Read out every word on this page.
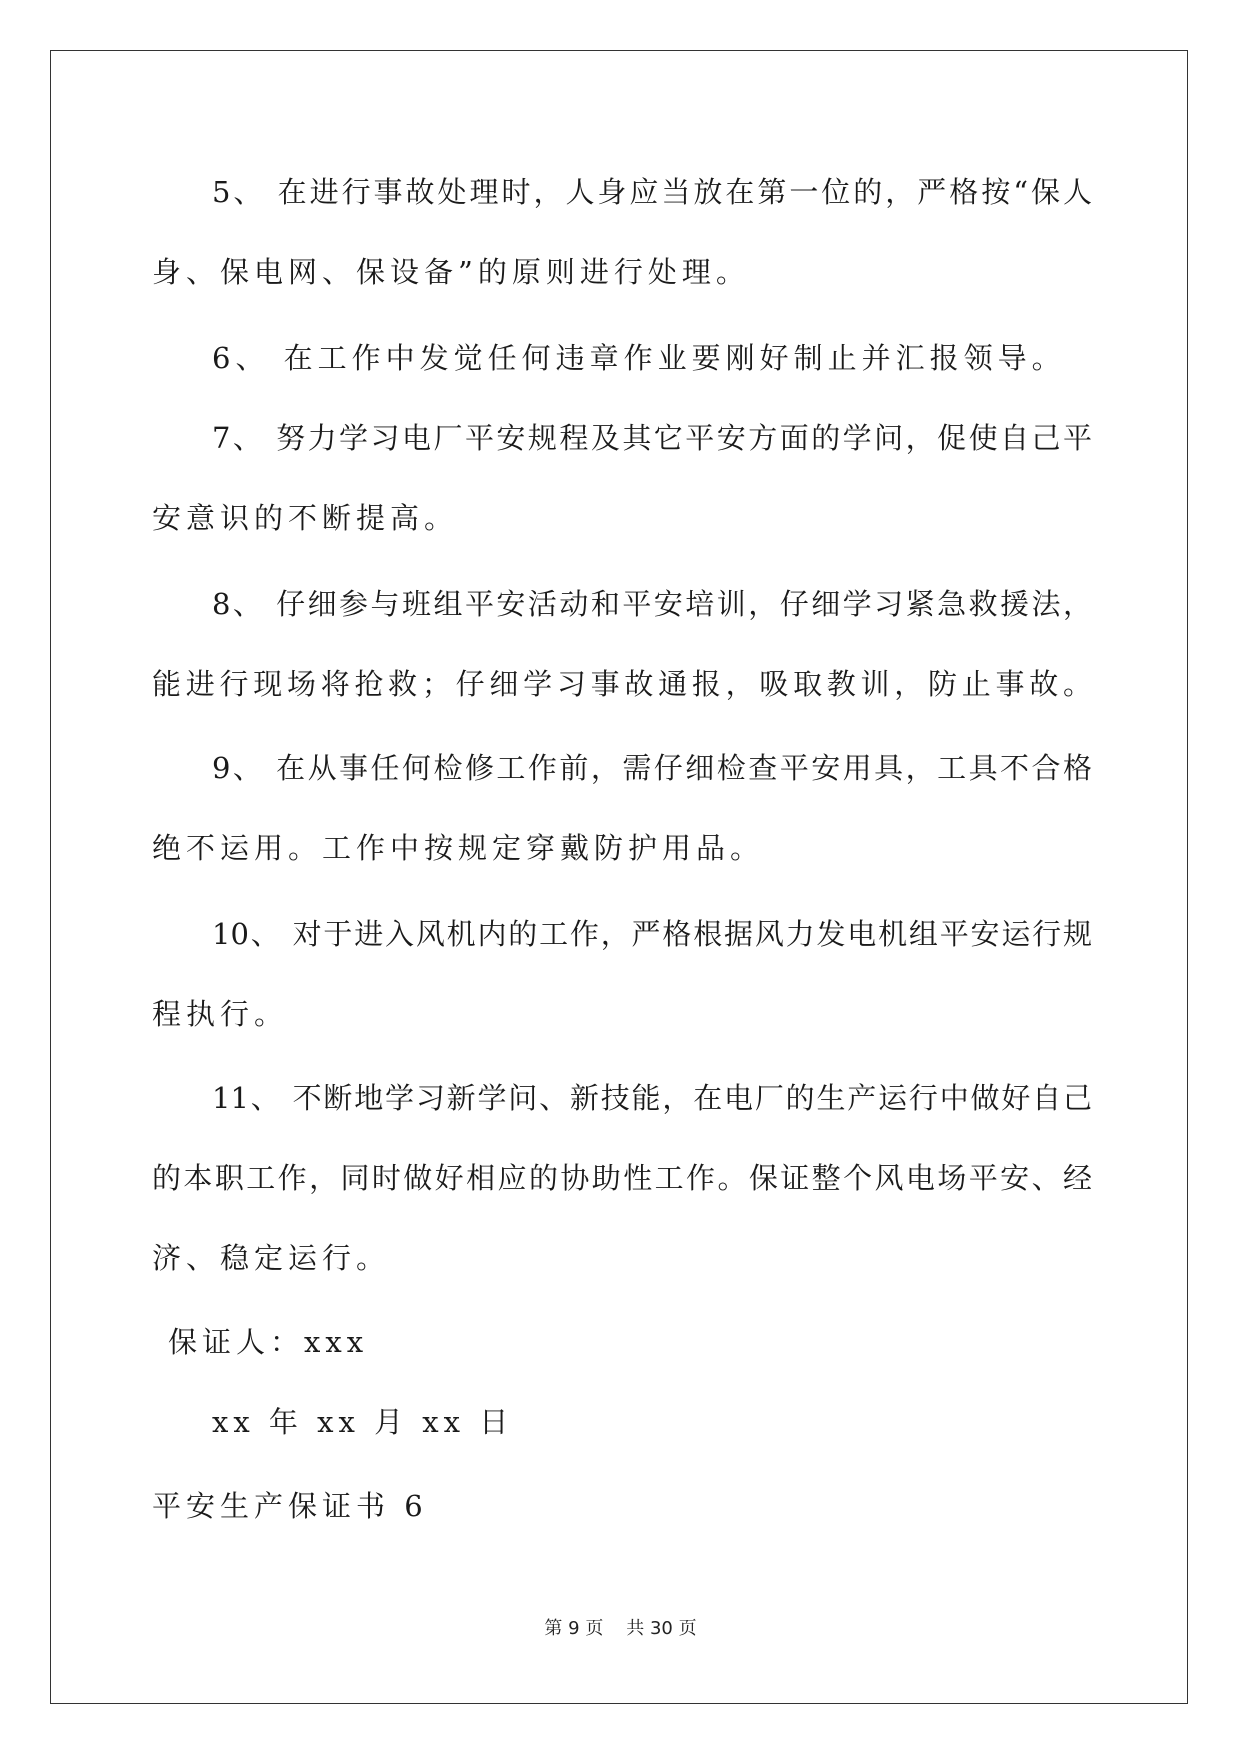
5、 在进行事故处理时，人身应当放在第一位的，严格按“保人
身、保电网、保设备”的原则进行处理。
6、 在工作中发觉任何违章作业要刚好制止并汇报领导。
7、 努力学习电厂平安规程及其它平安方面的学问，促使自己平
安意识的不断提高。
8、 仔细参与班组平安活动和平安培训，仔细学习紧急救援法，
能进行现场将抢救；仔细学习事故通报，吸取教训，防止事故。
9、 在从事任何检修工作前，需仔细检查平安用具，工具不合格
绝不运用。工作中按规定穿戴防护用品。
10、 对于进入风机内的工作，严格根据风力发电机组平安运行规
程执行。
11、 不断地学习新学问、新技能，在电厂的生产运行中做好自己
的本职工作，同时做好相应的协助性工作。保证整个风电场平安、经
济、稳定运行。
保证人：xxx
xx 年 xx 月 xx 日
平安生产保证书 6
第 9 页 共 30 页
